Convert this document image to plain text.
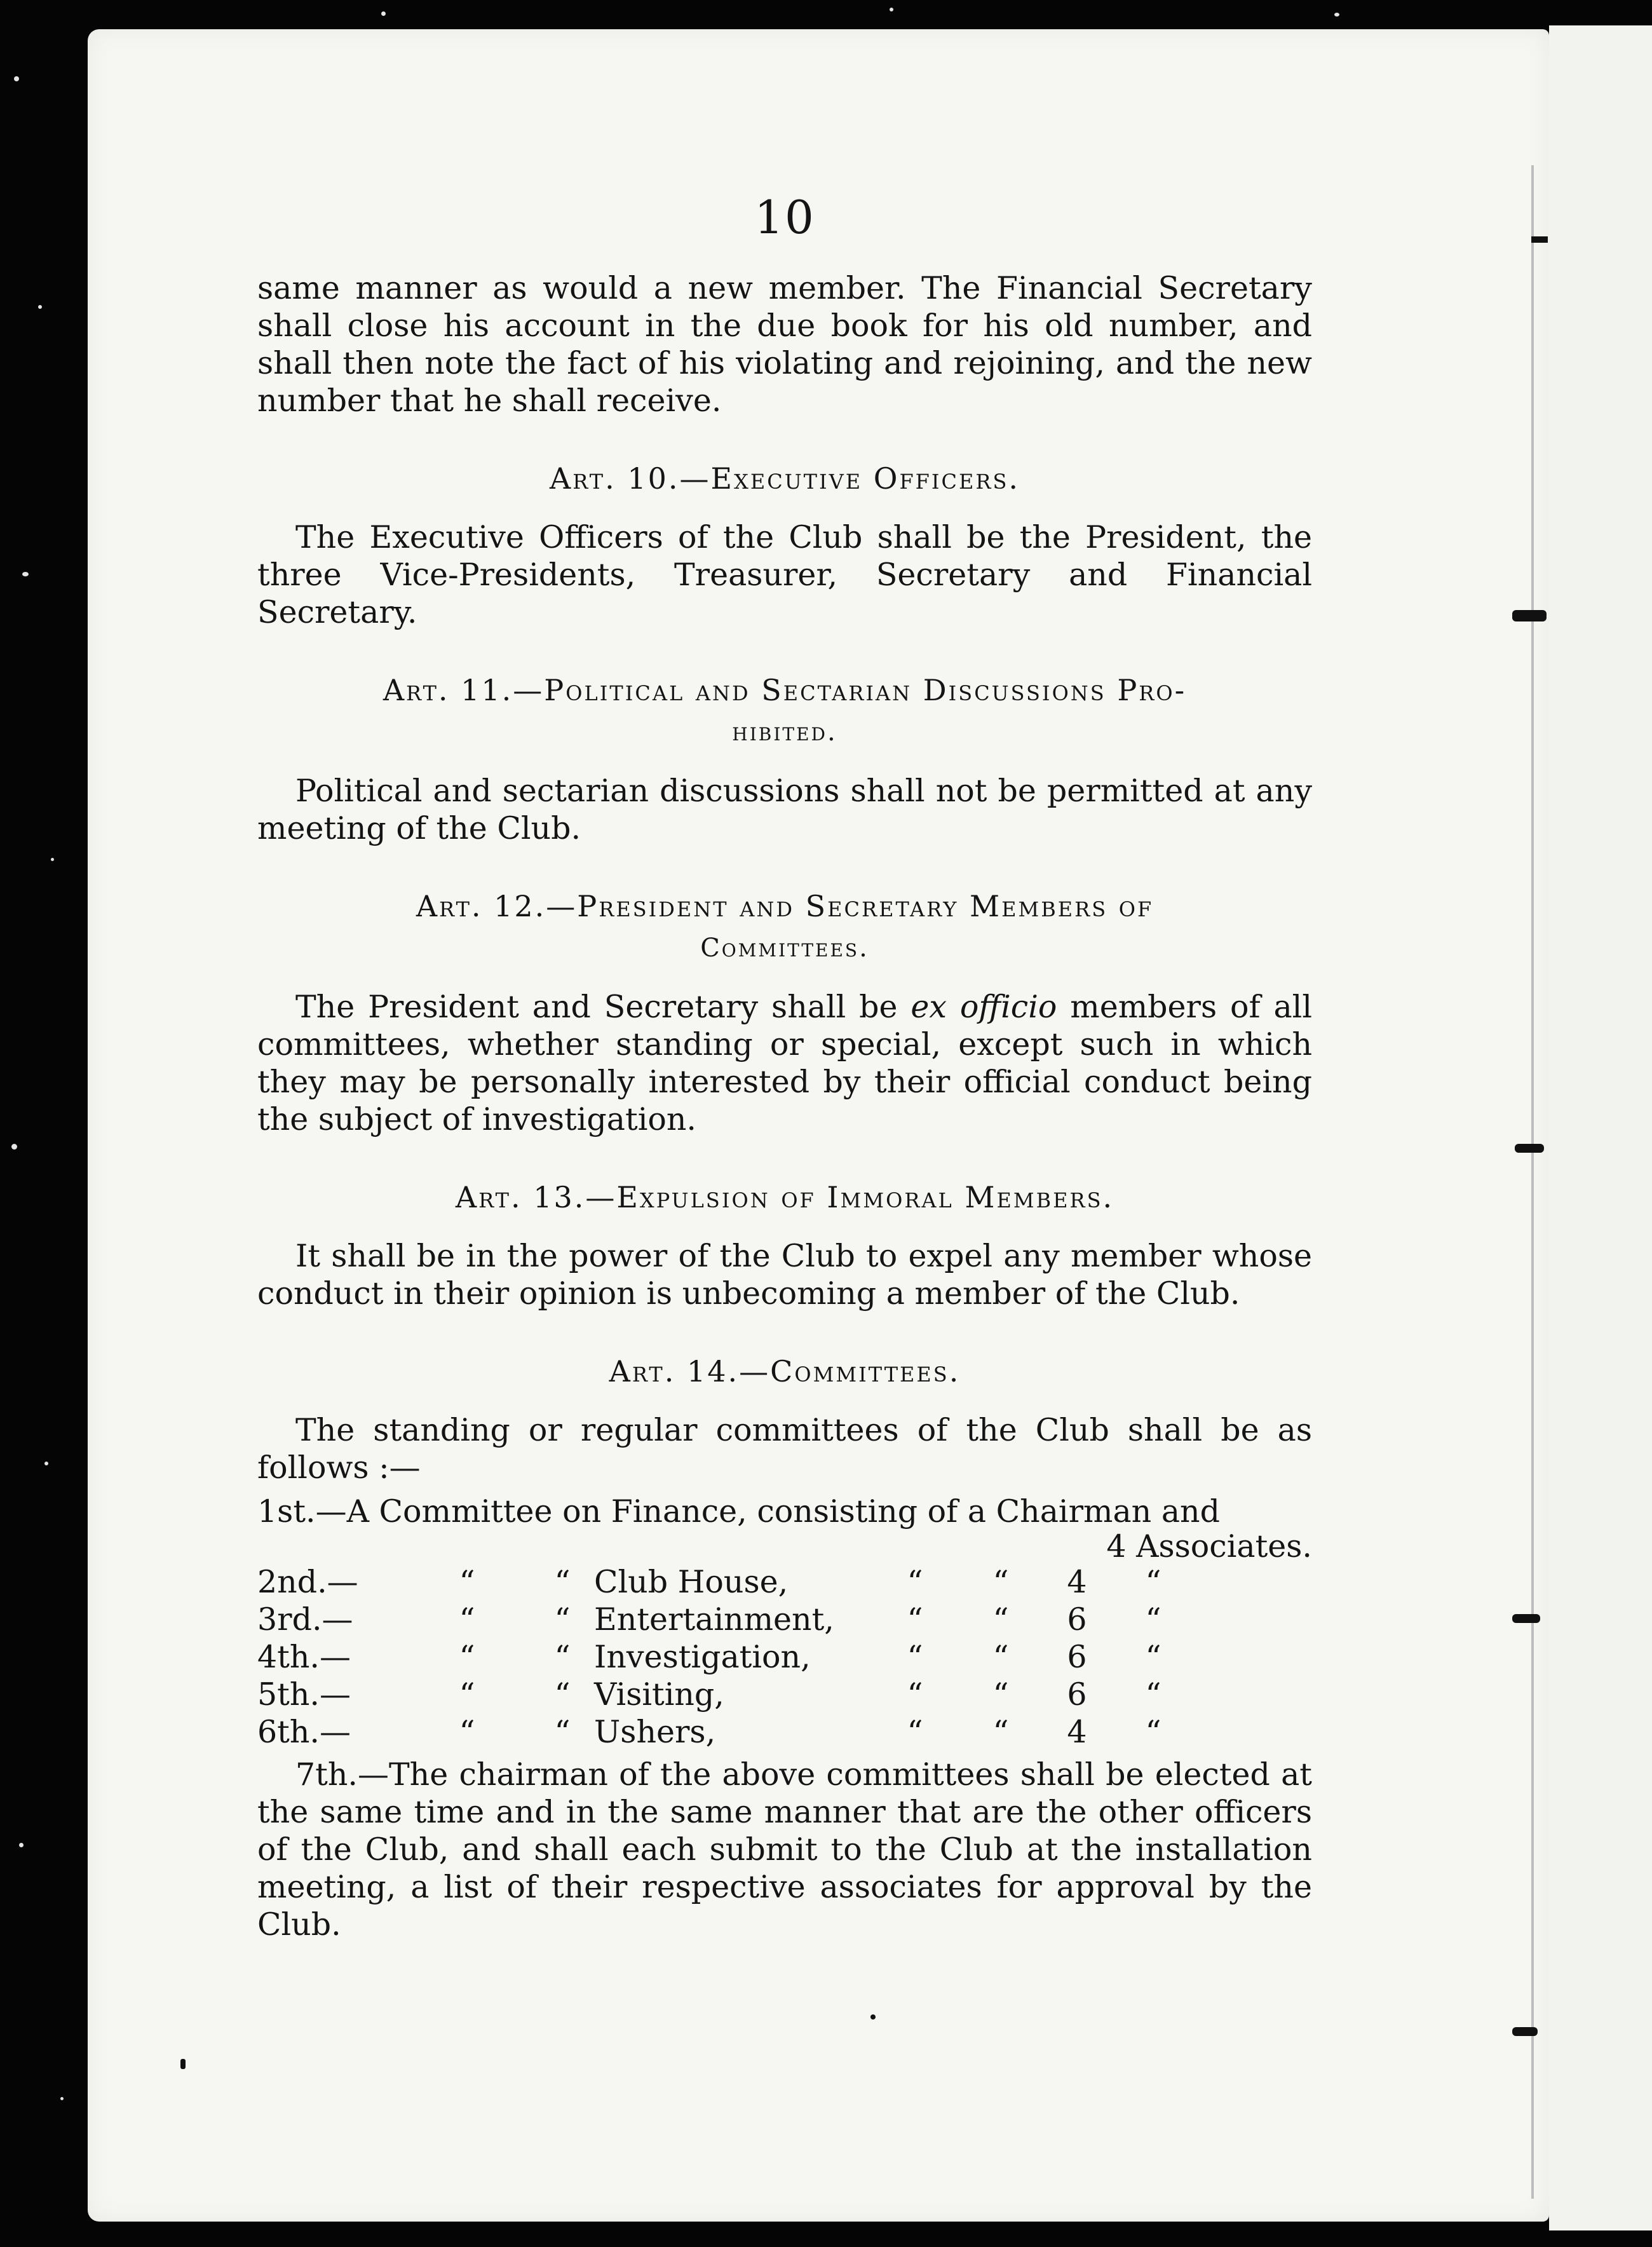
10

same manner as would a new member. The Financial Secretary shall close his account in the due book for his old number, and shall then note the fact of his violating and rejoining, and the new number that he shall receive.

Art. 10.—Executive Officers.

The Executive Officers of the Club shall be the President, the three Vice-Presidents, Treasurer, Secretary and Financial Secretary.

Art. 11.—Political and Sectarian Discussions Pro-
hibited.

Political and sectarian discussions shall not be permitted at any meeting of the Club.

Art. 12.—President and Secretary Members of
Committees.

The President and Secretary shall be ex officio members of all committees, whether standing or special, except such in which they may be personally interested by their official conduct being the subject of investigation.

Art. 13.—Expulsion of Immoral Members.

It shall be in the power of the Club to expel any member whose conduct in their opinion is unbecoming a member of the Club.

Art. 14.—Committees.

The standing or regular committees of the Club shall be as follows :—

1st.—A Committee on Finance, consisting of a Chairman and
4 Associates.
2nd.—	“	“	Club House,	“	“	4	“
3rd.—	“	“	Entertainment,	“	“	6	“
4th.—	“	“	Investigation,	“	“	6	“
5th.—	“	“	Visiting,	“	“	6	“
6th.—	“	“	Ushers,	“	“	4	“

7th.—The chairman of the above committees shall be elected at the same time and in the same manner that are the other officers of the Club, and shall each submit to the Club at the installation meeting, a list of their respective associates for approval by the Club.
